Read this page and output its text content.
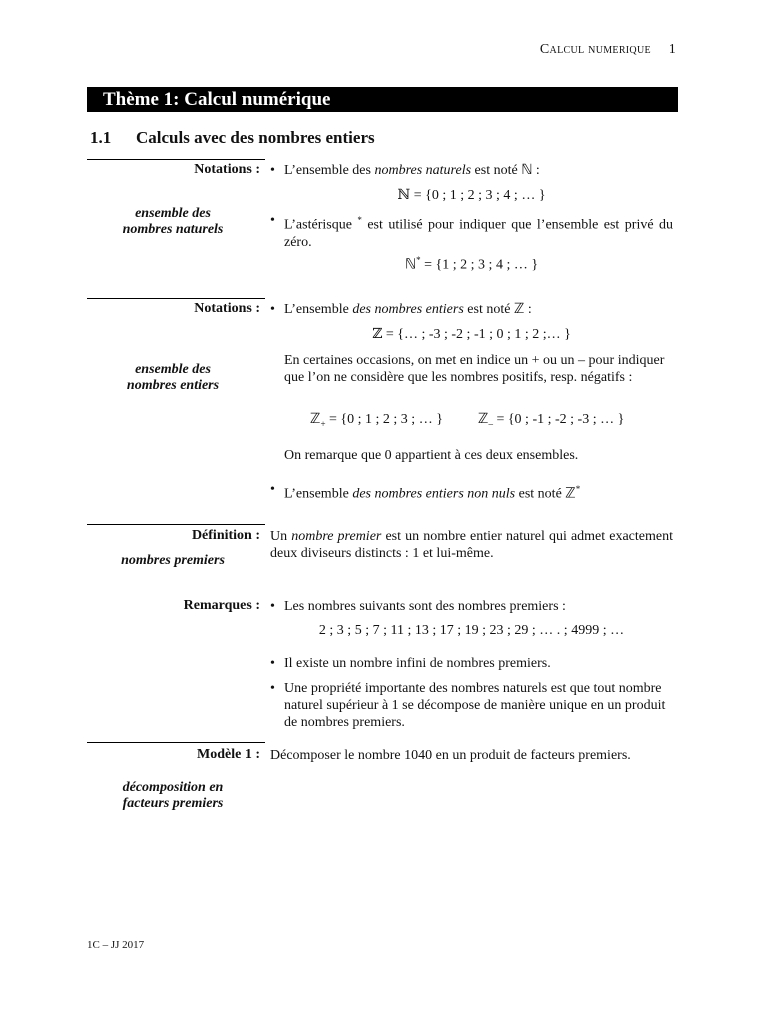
Calcul numerique 1
Thème 1: Calcul numérique
1.1 Calculs avec des nombres entiers
Notations :
ensemble des
nombres naturels
• L’ensemble des nombres naturels est noté ℕ :
ℕ = {0 ; 1 ; 2 ; 3 ; 4 ; … }
• L’astérisque * est utilisé pour indiquer que l’ensemble est privé du zéro.
ℕ* = {1 ; 2 ; 3 ; 4 ; … }
Notations :
ensemble des
nombres entiers
• L’ensemble des nombres entiers est noté ℤ :
ℤ = {… ; -3 ; -2 ; -1 ; 0 ; 1 ; 2 ;… }
En certaines occasions, on met en indice un + ou un – pour indiquer que l’on ne considère que les nombres positifs, resp. négatifs :
ℤ$_+$ = {0 ; 1 ; 2 ; 3 ; … }	ℤ$_-$ = {0 ; -1 ; -2 ; -3 ; … }
On remarque que 0 appartient à ces deux ensembles.
• L’ensemble des nombres entiers non nuls est noté ℤ*
Définition :
nombres premiers
Un nombre premier est un nombre entier naturel qui admet exactement deux diviseurs distincts : 1 et lui-même.
Remarques : • Les nombres suivants sont des nombres premiers :
2 ; 3 ; 5 ; 7 ; 11 ; 13 ; 17 ; 19 ; 23 ; 29 ; … . ; 4999 ; …
• Il existe un nombre infini de nombres premiers.
• Une propriété importante des nombres naturels est que tout nombre naturel supérieur à 1 se décompose de manière unique en un produit de nombres premiers.
Modèle 1 :
décomposition en
facteurs premiers
Décomposer le nombre 1040 en un produit de facteurs premiers.
1C – JJ 2017
